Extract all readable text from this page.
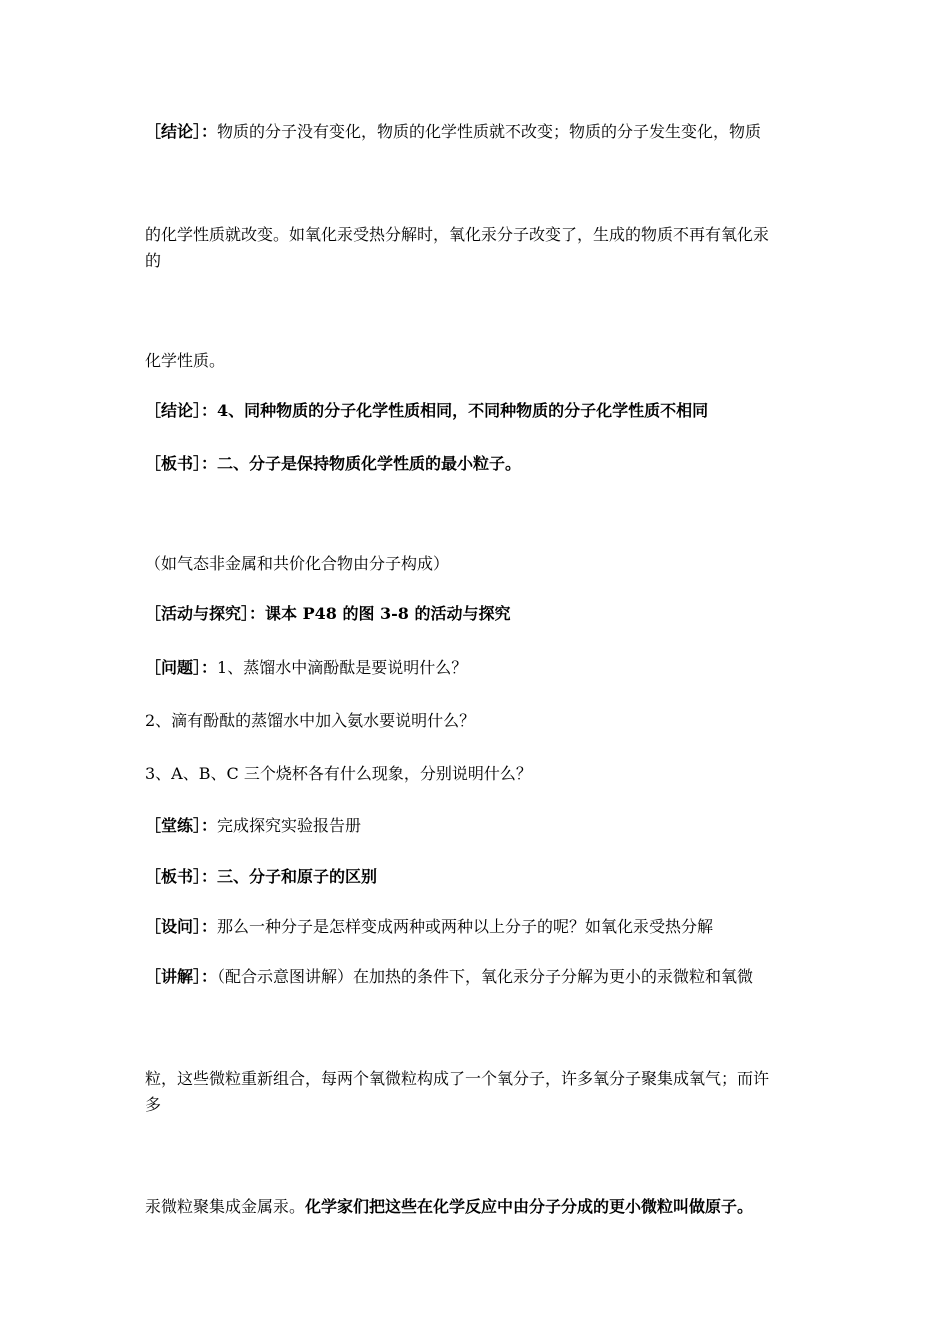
［结论］：物质的分子没有变化，物质的化学性质就不改变；物质的分子发生变化，物质
的化学性质就改变。如氧化汞受热分解时，氧化汞分子改变了，生成的物质不再有氧化汞
的
化学性质。
［结论］：4、同种物质的分子化学性质相同，不同种物质的分子化学性质不相同
［板书］：二、分子是保持物质化学性质的最小粒子。
（如气态非金属和共价化合物由分子构成）
［活动与探究］：课本 P48 的图 3-8 的活动与探究
［问题］：1、蒸馏水中滴酚酞是要说明什么？
2、滴有酚酞的蒸馏水中加入氨水要说明什么？
3、A、B、C 三个烧杯各有什么现象，分别说明什么？
［堂练］：完成探究实验报告册
［板书］：三、分子和原子的区别
［设问］：那么一种分子是怎样变成两种或两种以上分子的呢？如氧化汞受热分解
［讲解］：（配合示意图讲解）在加热的条件下，氧化汞分子分解为更小的汞微粒和氧微
粒，这些微粒重新组合，每两个氧微粒构成了一个氧分子，许多氧分子聚集成氧气；而许
多
汞微粒聚集成金属汞。化学家们把这些在化学反应中由分子分成的更小微粒叫做原子。
